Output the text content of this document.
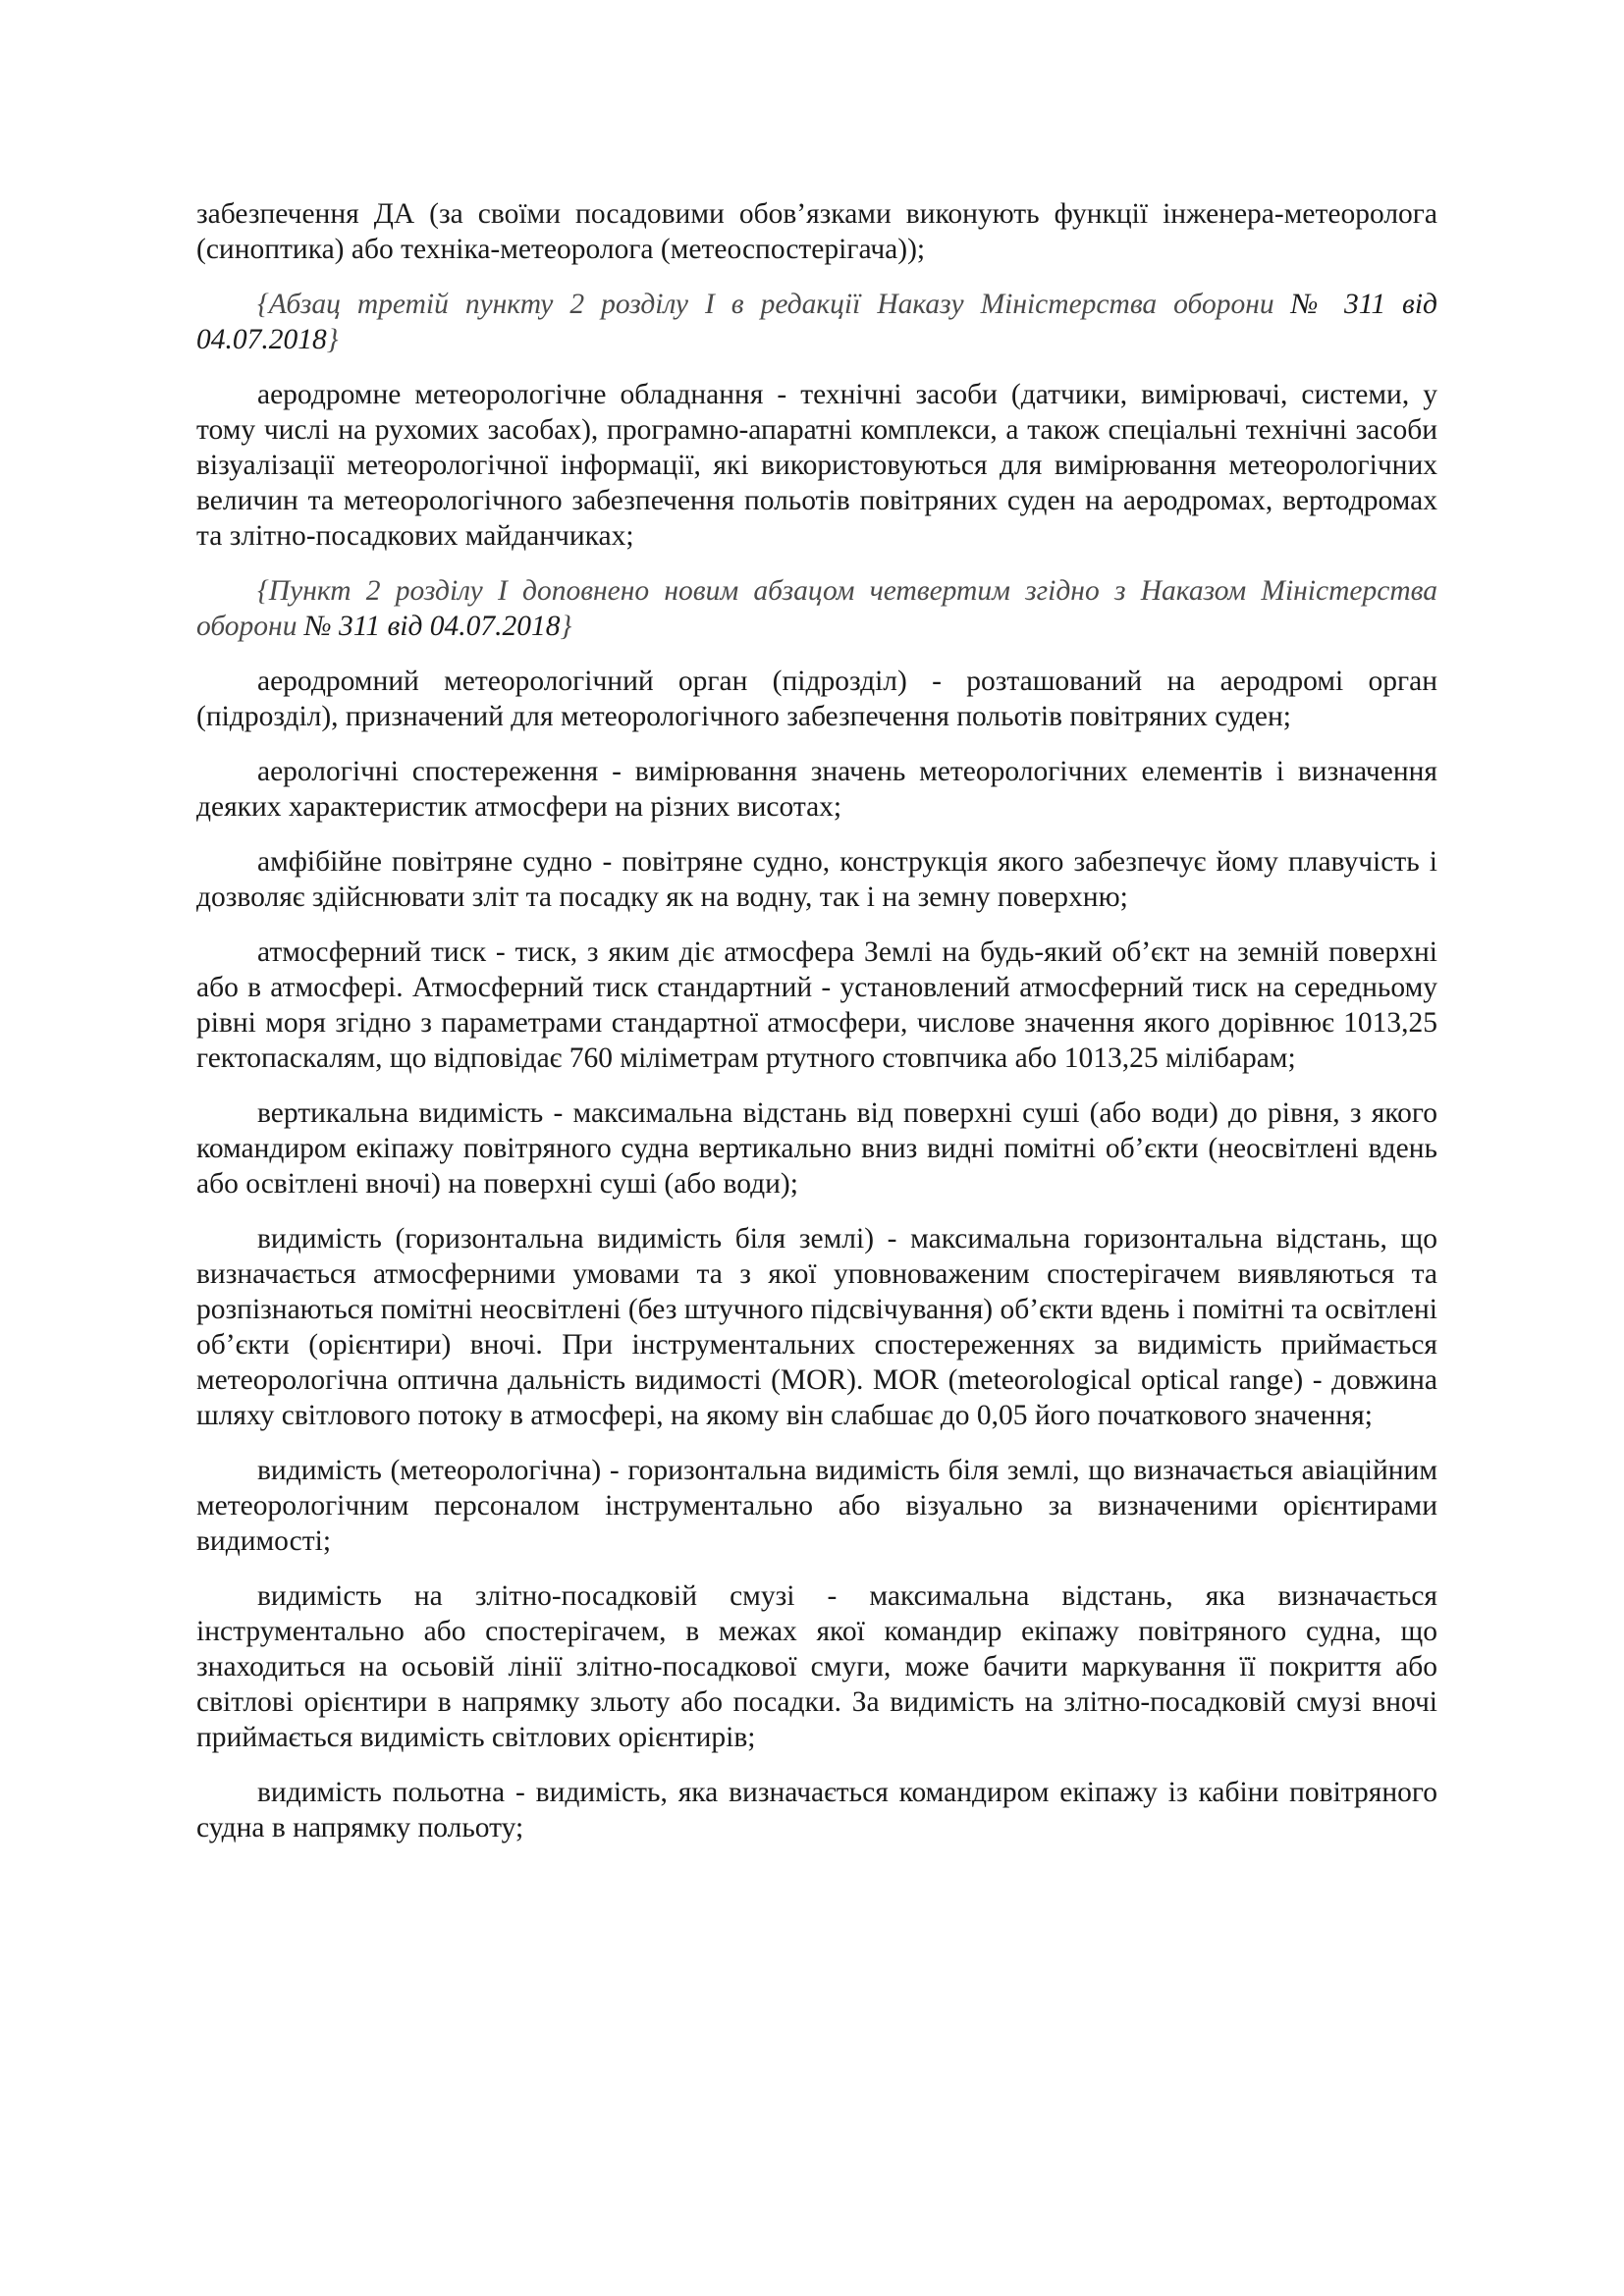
забезпечення ДА (за своїми посадовими обов’язками виконують функції інженера-метеоролога (синоптика) або техніка-метеоролога (метеоспостерігача));

{Абзац третій пункту 2 розділу I в редакції Наказу Міністерства оборони № 311 від 04.07.2018}

аеродромне метеорологічне обладнання - технічні засоби (датчики, вимірювачі, системи, у тому числі на рухомих засобах), програмно-апаратні комплекси, а також спеціальні технічні засоби візуалізації метеорологічної інформації, які використовуються для вимірювання метеорологічних величин та метеорологічного забезпечення польотів повітряних суден на аеродромах, вертодромах та злітно-посадкових майданчиках;

{Пункт 2 розділу I доповнено новим абзацом четвертим згідно з Наказом Міністерства оборони № 311 від 04.07.2018}

аеродромний метеорологічний орган (підрозділ) - розташований на аеродромі орган (підрозділ), призначений для метеорологічного забезпечення польотів повітряних суден;

аерологічні спостереження - вимірювання значень метеорологічних елементів і визначення деяких характеристик атмосфери на різних висотах;

амфібійне повітряне судно - повітряне судно, конструкція якого забезпечує йому плавучість і дозволяє здійснювати зліт та посадку як на водну, так і на земну поверхню;

атмосферний тиск - тиск, з яким діє атмосфера Землі на будь-який об’єкт на земній поверхні або в атмосфері. Атмосферний тиск стандартний - установлений атмосферний тиск на середньому рівні моря згідно з параметрами стандартної атмосфери, числове значення якого дорівнює 1013,25 гектопаскалям, що відповідає 760 міліметрам ртутного стовпчика або 1013,25 мілібарам;

вертикальна видимість - максимальна відстань від поверхні суші (або води) до рівня, з якого командиром екіпажу повітряного судна вертикально вниз видні помітні об’єкти (неосвітлені вдень або освітлені вночі) на поверхні суші (або води);

видимість (горизонтальна видимість біля землі) - максимальна горизонтальна відстань, що визначається атмосферними умовами та з якої уповноваженим спостерігачем виявляються та розпізнаються помітні неосвітлені (без штучного підсвічування) об’єкти вдень і помітні та освітлені об’єкти (орієнтири) вночі. При інструментальних спостереженнях за видимість приймається метеорологічна оптична дальність видимості (MOR). MOR (meteorological optical range) - довжина шляху світлового потоку в атмосфері, на якому він слабшає до 0,05 його початкового значення;

видимість (метеорологічна) - горизонтальна видимість біля землі, що визначається авіаційним метеорологічним персоналом інструментально або візуально за визначеними орієнтирами видимості;

видимість на злітно-посадковій смузі - максимальна відстань, яка визначається інструментально або спостерігачем, в межах якої командир екіпажу повітряного судна, що знаходиться на осьовій лінії злітно-посадкової смуги, може бачити маркування її покриття або світлові орієнтири в напрямку зльоту або посадки. За видимість на злітно-посадковій смузі вночі приймається видимість світлових орієнтирів;

видимість польотна - видимість, яка визначається командиром екіпажу із кабіни повітряного судна в напрямку польоту;
